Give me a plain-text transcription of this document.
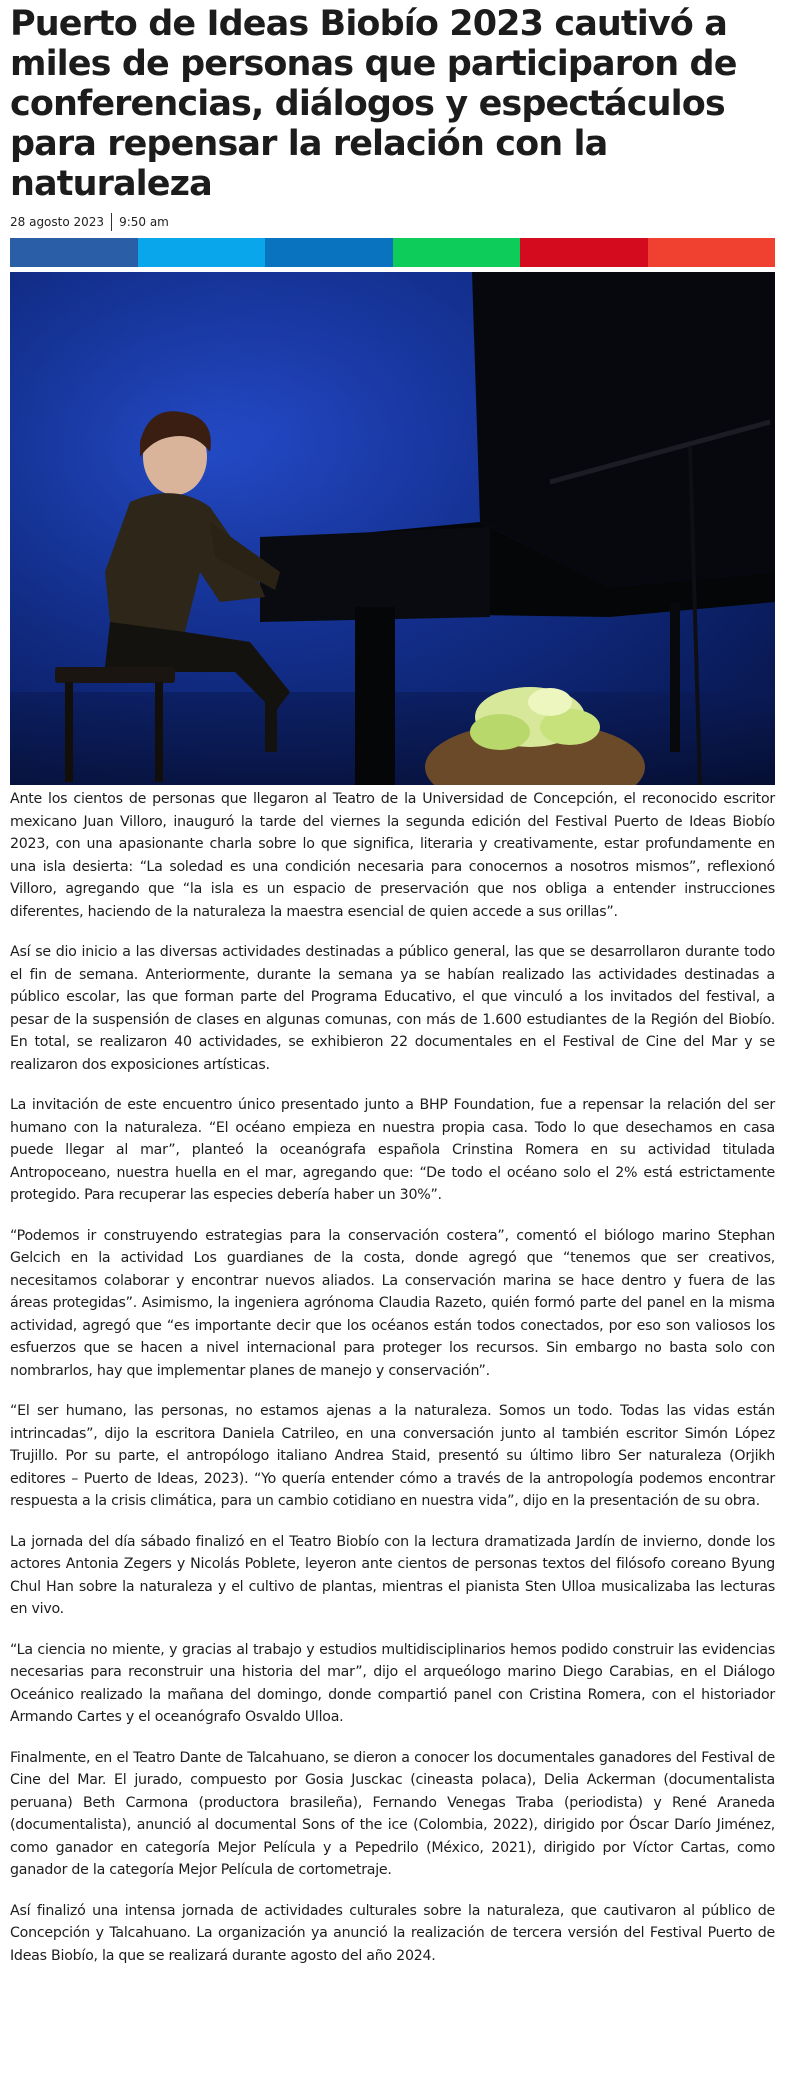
Puerto de Ideas Biobío 2023 cautivó a miles de personas que participaron de conferencias, diálogos y espectáculos para repensar la relación con la naturaleza
28 agosto 2023 9:50 am

Ante los cientos de personas que llegaron al Teatro de la Universidad de Concepción, el reconocido escritor mexicano Juan Villoro, inauguró la tarde del viernes la segunda edición del Festival Puerto de Ideas Biobío 2023, con una apasionante charla sobre lo que significa, literaria y creativamente, estar profundamente en una isla desierta: “La soledad es una condición necesaria para conocernos a nosotros mismos”, reflexionó Villoro, agregando que “la isla es un espacio de preservación que nos obliga a entender instrucciones diferentes, haciendo de la naturaleza la maestra esencial de quien accede a sus orillas”.

Así se dio inicio a las diversas actividades destinadas a público general, las que se desarrollaron durante todo el fin de semana. Anteriormente, durante la semana ya se habían realizado las actividades destinadas a público escolar, las que forman parte del Programa Educativo, el que vinculó a los invitados del festival, a pesar de la suspensión de clases en algunas comunas, con más de 1.600 estudiantes de la Región del Biobío. En total, se realizaron 40 actividades, se exhibieron 22 documentales en el Festival de Cine del Mar y se realizaron dos exposiciones artísticas.

La invitación de este encuentro único presentado junto a BHP Foundation, fue a repensar la relación del ser humano con la naturaleza. “El océano empieza en nuestra propia casa. Todo lo que desechamos en casa puede llegar al mar”, planteó la oceanógrafa española Crinstina Romera en su actividad titulada Antropoceano, nuestra huella en el mar, agregando que: “De todo el océano solo el 2% está estrictamente protegido. Para recuperar las especies debería haber un 30%”.

“Podemos ir construyendo estrategias para la conservación costera”, comentó el biólogo marino Stephan Gelcich en la actividad Los guardianes de la costa, donde agregó que “tenemos que ser creativos, necesitamos colaborar y encontrar nuevos aliados. La conservación marina se hace dentro y fuera de las áreas protegidas”. Asimismo, la ingeniera agrónoma Claudia Razeto, quién formó parte del panel en la misma actividad, agregó que “es importante decir que los océanos están todos conectados, por eso son valiosos los esfuerzos que se hacen a nivel internacional para proteger los recursos. Sin embargo no basta solo con nombrarlos, hay que implementar planes de manejo y conservación”.

“El ser humano, las personas, no estamos ajenas a la naturaleza. Somos un todo. Todas las vidas están intrincadas”, dijo la escritora Daniela Catrileo, en una conversación junto al también escritor Simón López Trujillo. Por su parte, el antropólogo italiano Andrea Staid, presentó su último libro Ser naturaleza (Orjikh editores – Puerto de Ideas, 2023). “Yo quería entender cómo a través de la antropología podemos encontrar respuesta a la crisis climática, para un cambio cotidiano en nuestra vida”, dijo en la presentación de su obra.

La jornada del día sábado finalizó en el Teatro Biobío con la lectura dramatizada Jardín de invierno, donde los actores Antonia Zegers y Nicolás Poblete, leyeron ante cientos de personas textos del filósofo coreano Byung Chul Han sobre la naturaleza y el cultivo de plantas, mientras el pianista Sten Ulloa musicalizaba las lecturas en vivo.

“La ciencia no miente, y gracias al trabajo y estudios multidisciplinarios hemos podido construir las evidencias necesarias para reconstruir una historia del mar”, dijo el arqueólogo marino Diego Carabias, en el Diálogo Oceánico realizado la mañana del domingo, donde compartió panel con Cristina Romera, con el historiador Armando Cartes y el oceanógrafo Osvaldo Ulloa.

Finalmente, en el Teatro Dante de Talcahuano, se dieron a conocer los documentales ganadores del Festival de Cine del Mar. El jurado, compuesto por Gosia Jusckac (cineasta polaca), Delia Ackerman (documentalista peruana) Beth Carmona (productora brasileña), Fernando Venegas Traba (periodista) y René Araneda (documentalista), anunció al documental Sons of the ice (Colombia, 2022), dirigido por Óscar Darío Jiménez, como ganador en categoría Mejor Película y a Pepedrilo (México, 2021), dirigido por Víctor Cartas, como ganador de la categoría Mejor Película de cortometraje.

Así finalizó una intensa jornada de actividades culturales sobre la naturaleza, que cautivaron al público de Concepción y Talcahuano. La organización ya anunció la realización de tercera versión del Festival Puerto de Ideas Biobío, la que se realizará durante agosto del año 2024.
